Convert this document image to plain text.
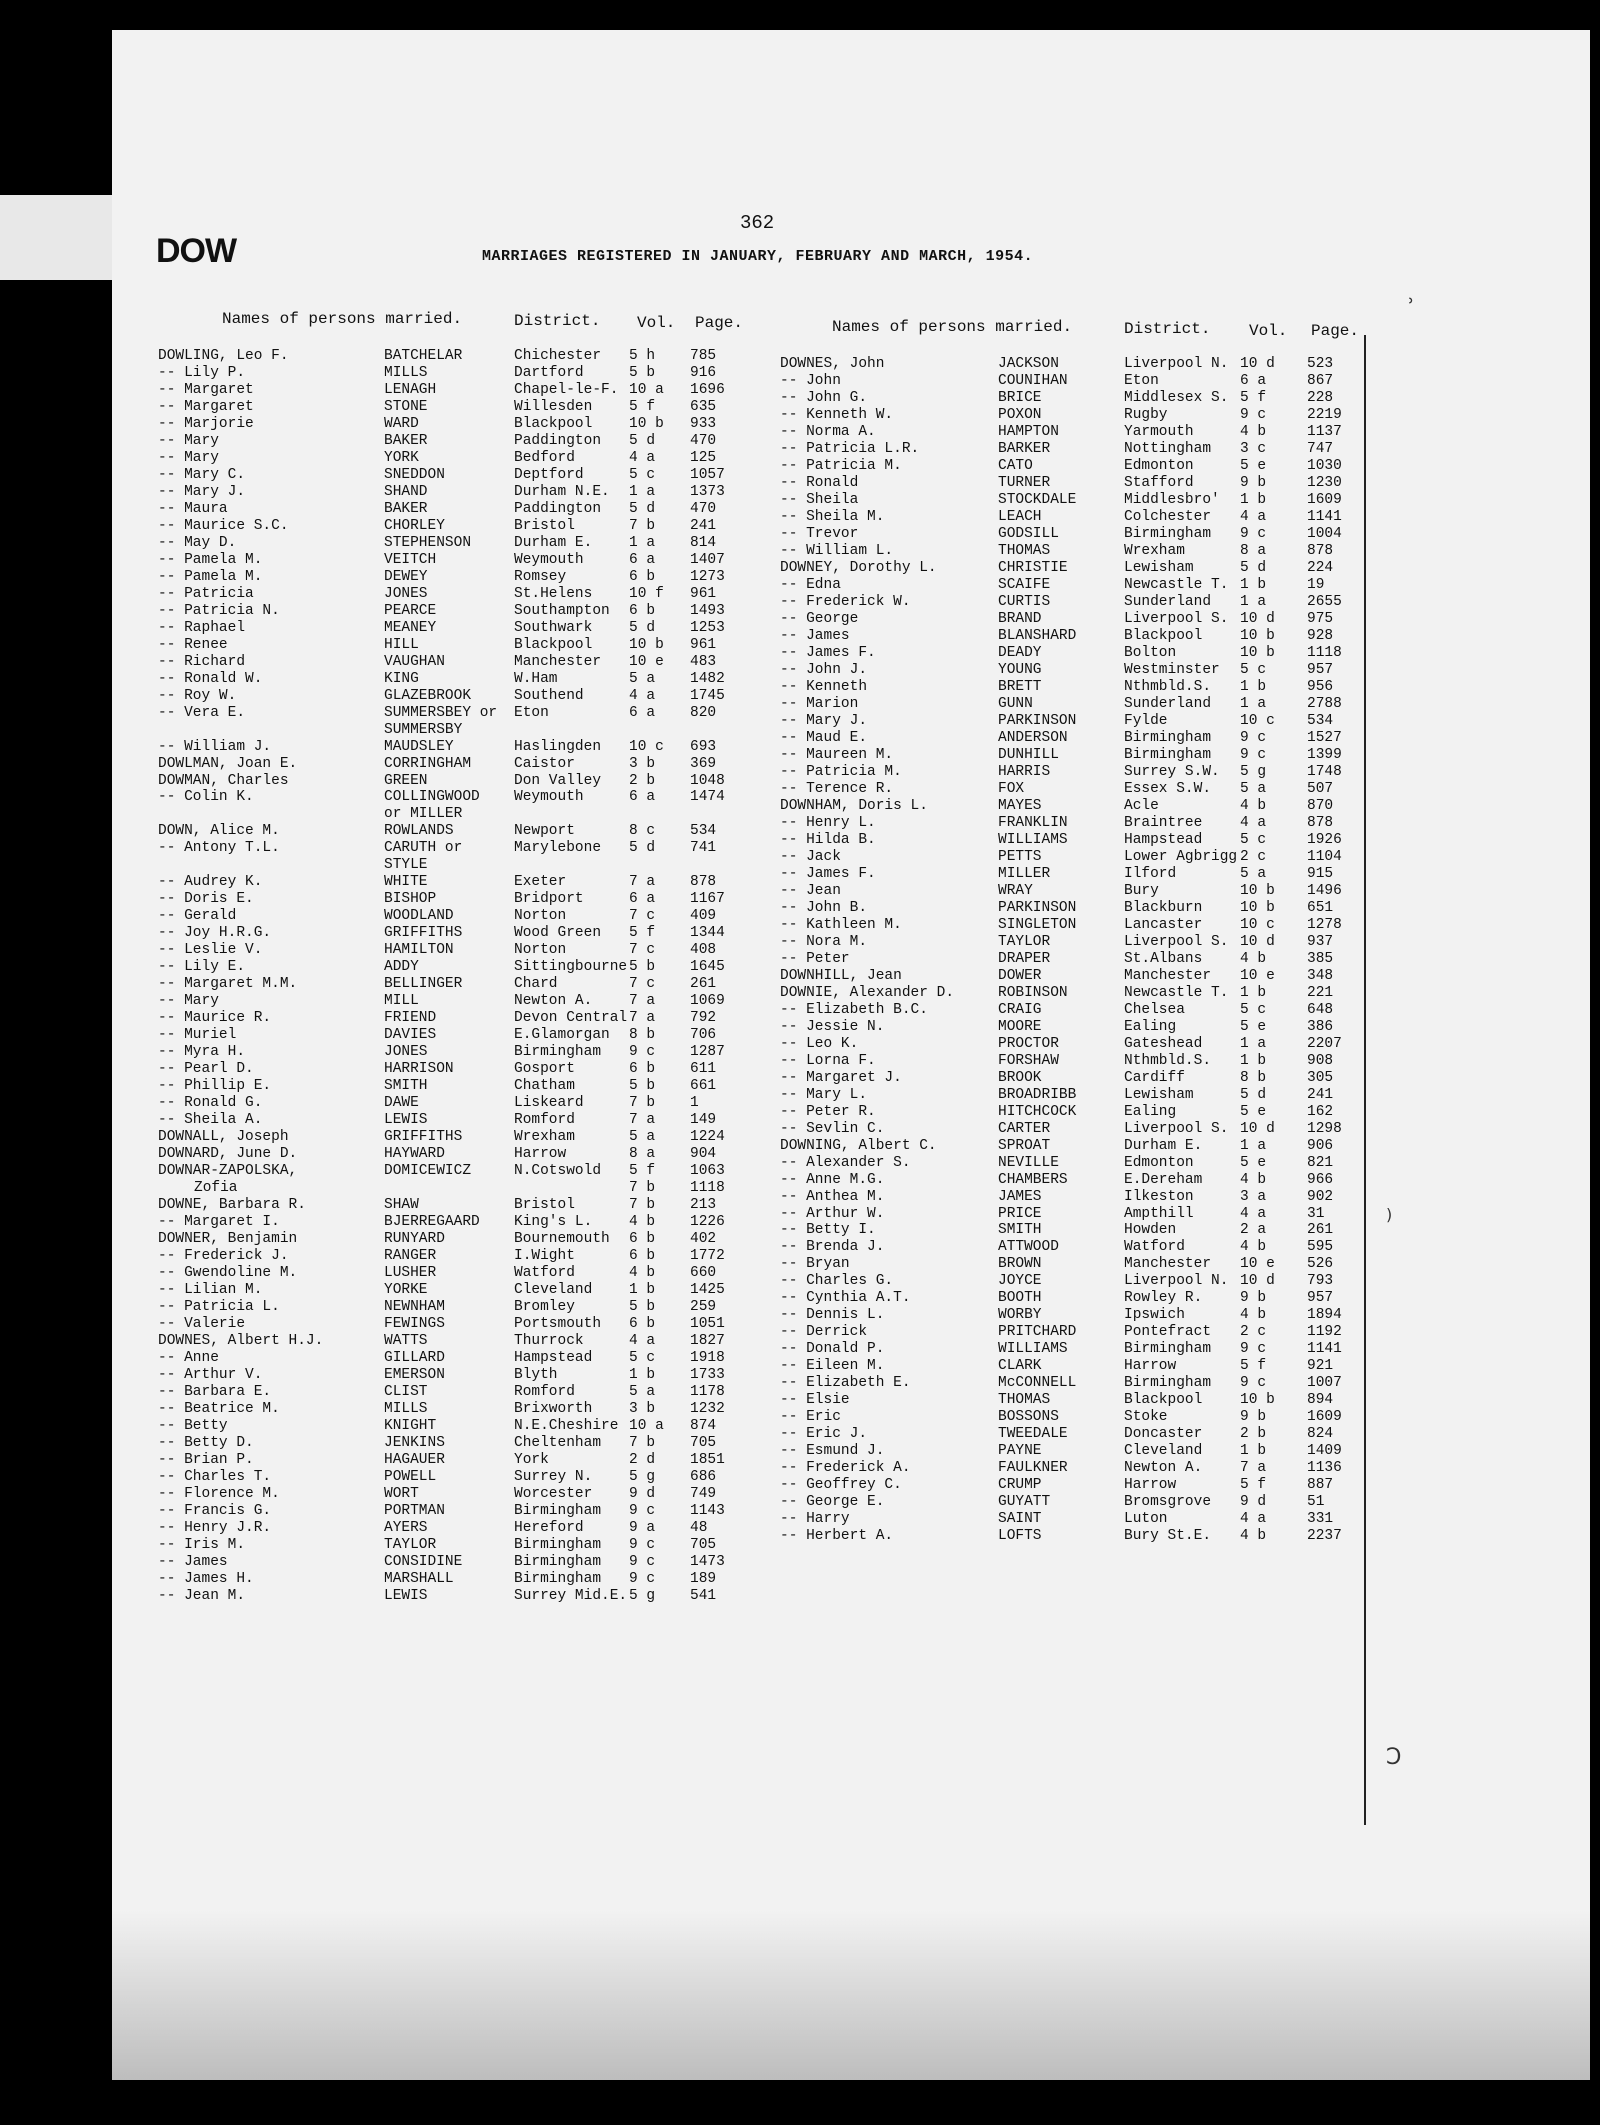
362
DOW	MARRIAGES REGISTERED IN JANUARY, FEBRUARY AND MARCH, 1954.
Names of persons married.	District. Vol. Page.	Names of persons married.	District. Vol. Page.
˒
)
Ↄ
DOWLING, Leo F.	BATCHELAR	Chichester 5 h 785
-- Lily P.	MILLS	Dartford	5 b 916
-- Margaret	LENAGH	Chapel-le-F. 10 a 1696
-- Margaret	STONE	Willesden	5 f 635
-- Marjorie	WARD	Blackpool	10 b 933
-- Mary	BAKER	Paddington 5 d 470
-- Mary	YORK	Bedford	4 a 125
-- Mary C.	SNEDDON	Deptford	5 c 1057
-- Mary J.	SHAND	Durham N.E. 1 a 1373
-- Maura	BAKER	Paddington 5 d 470
-- Maurice S.C.	CHORLEY	Bristol	7 b 241
-- May D.	STEPHENSON	Durham E.	1 a 814
-- Pamela M.	VEITCH	Weymouth	6 a 1407
-- Pamela M.	DEWEY	Romsey	6 b 1273
-- Patricia	JONES	St.Helens	10 f 961
-- Patricia N.	PEARCE	Southampton 6 b 1493
-- Raphael	MEANEY	Southwark	5 d 1253
-- Renee	HILL	Blackpool	10 b 961
-- Richard	VAUGHAN	Manchester 10 e 483
-- Ronald W.	KING	W.Ham	5 a 1482
-- Roy W.	GLAZEBROOK	Southend	4 a 1745
-- Vera E.	SUMMERSBEY or Eton	6 a 820
SUMMERSBY
-- William J.	MAUDSLEY	Haslingden 10 c 693
DOWLMAN, Joan E.	CORRINGHAM	Caistor	3 b 369
DOWMAN, Charles	GREEN	Don Valley 2 b 1048
-- Colin K.	COLLINGWOOD Weymouth	6 a 1474
or MILLER
DOWN, Alice M.	ROWLANDS	Newport	8 c 534
-- Antony T.L.	CARUTH or	Marylebone 5 d 741
STYLE
-- Audrey K.	WHITE	Exeter	7 a 878
-- Doris E.	BISHOP	Bridport	6 a 1167
-- Gerald	WOODLAND	Norton	7 c 409
-- Joy H.R.G.	GRIFFITHS	Wood Green 5 f 1344
-- Leslie V.	HAMILTON	Norton	7 c 408
-- Lily E.	ADDY	Sittingbourne 5 b 1645
-- Margaret M.M.	BELLINGER	Chard	7 c 261
-- Mary	MILL	Newton A.	7 a 1069
-- Maurice R.	FRIEND	Devon Central 7 a 792
-- Muriel	DAVIES	E.Glamorgan 8 b 706
-- Myra H.	JONES	Birmingham 9 c 1287
-- Pearl D.	HARRISON	Gosport	6 b 611
-- Phillip E.	SMITH	Chatham	5 b 661
-- Ronald G.	DAWE	Liskeard	7 b 1
-- Sheila A.	LEWIS	Romford	7 a 149
DOWNALL, Joseph	GRIFFITHS	Wrexham	5 a 1224
DOWNARD, June D.	HAYWARD	Harrow	8 a 904
DOWNAR-ZAPOLSKA,	DOMICEWICZ	N.Cotswold 5 f 1063
Zofia	7 b 1118
DOWNE, Barbara R.	SHAW	Bristol	7 b 213
-- Margaret I.	BJERREGAARD King's L.	4 b 1226
DOWNER, Benjamin	RUNYARD	Bournemouth 6 b 402
-- Frederick J.	RANGER	I.Wight	6 b 1772
-- Gwendoline M.	LUSHER	Watford	4 b 660
-- Lilian M.	YORKE	Cleveland	1 b 1425
-- Patricia L.	NEWNHAM	Bromley	5 b 259
-- Valerie	FEWINGS	Portsmouth 6 b 1051
DOWNES, Albert H.J.	WATTS	Thurrock	4 a 1827
-- Anne	GILLARD	Hampstead	5 c 1918
-- Arthur V.	EMERSON	Blyth	1 b 1733
-- Barbara E.	CLIST	Romford	5 a 1178
-- Beatrice M.	MILLS	Brixworth	3 b 1232
-- Betty	KNIGHT	N.E.Cheshire 10 a 874
-- Betty D.	JENKINS	Cheltenham 7 b 705
-- Brian P.	HAGAUER	York	2 d 1851
-- Charles T.	POWELL	Surrey N.	5 g 686
-- Florence M.	WORT	Worcester	9 d 749
-- Francis G.	PORTMAN	Birmingham 9 c 1143
-- Henry J.R.	AYERS	Hereford	9 a 48
-- Iris M.	TAYLOR	Birmingham 9 c 705
-- James	CONSIDINE	Birmingham 9 c 1473
-- James H.	MARSHALL	Birmingham 9 c 189
-- Jean M.	LEWIS	Surrey Mid.E. 5 g 541
DOWNES, John	JACKSON	Liverpool N. 10 d 523
-- John	COUNIHAN	Eton	6 a	867
-- John G.	BRICE	Middlesex S. 5 f	228
-- Kenneth W.	POXON	Rugby	9 c	2219
-- Norma A.	HAMPTON	Yarmouth	4 b	1137
-- Patricia L.R.	BARKER	Nottingham 3 c	747
-- Patricia M.	CATO	Edmonton	5 e	1030
-- Ronald	TURNER	Stafford	9 b	1230
-- Sheila	STOCKDALE	Middlesbro' 1 b	1609
-- Sheila M.	LEACH	Colchester 4 a	1141
-- Trevor	GODSILL	Birmingham 9 c	1004
-- William L.	THOMAS	Wrexham	8 a	878
DOWNEY, Dorothy L.	CHRISTIE	Lewisham	5 d	224
-- Edna	SCAIFE	Newcastle T. 1 b	19
-- Frederick W.	CURTIS	Sunderland 1 a	2655
-- George	BRAND	Liverpool S. 10 d 975
-- James	BLANSHARD	Blackpool	10 b 928
-- James F.	DEADY	Bolton	10 b 1118
-- John J.	YOUNG	Westminster 5 c	957
-- Kenneth	BRETT	Nthmbld.S. 1 b	956
-- Marion	GUNN	Sunderland 1 a	2788
-- Mary J.	PARKINSON	Fylde	10 c 534
-- Maud E.	ANDERSON	Birmingham 9 c	1527
-- Maureen M.	DUNHILL	Birmingham 9 c	1399
-- Patricia M.	HARRIS	Surrey S.W. 5 g	1748
-- Terence R.	FOX	Essex S.W. 5 a	507
DOWNHAM, Doris L.	MAYES	Acle	4 b	870
-- Henry L.	FRANKLIN	Braintree	4 a	878
-- Hilda B.	WILLIAMS	Hampstead	5 c	1926
-- Jack	PETTS	Lower Agbrigg 2 c	1104
-- James F.	MILLER	Ilford	5 a	915
-- Jean	WRAY	Bury	10 b 1496
-- John B.	PARKINSON	Blackburn	10 b 651
-- Kathleen M.	SINGLETON	Lancaster	10 c 1278
-- Nora M.	TAYLOR	Liverpool S. 10 d 937
-- Peter	DRAPER	St.Albans	4 b	385
DOWNHILL, Jean	DOWER	Manchester 10 e 348
DOWNIE, Alexander D.	ROBINSON	Newcastle T. 1 b	221
-- Elizabeth B.C.	CRAIG	Chelsea	5 c	648
-- Jessie N.	MOORE	Ealing	5 e	386
-- Leo K.	PROCTOR	Gateshead	1 a	2207
-- Lorna F.	FORSHAW	Nthmbld.S. 1 b	908
-- Margaret J.	BROOK	Cardiff	8 b	305
-- Mary L.	BROADRIBB	Lewisham	5 d	241
-- Peter R.	HITCHCOCK	Ealing	5 e	162
-- Sevlin C.	CARTER	Liverpool S. 10 d 1298
DOWNING, Albert C.	SPROAT	Durham E.	1 a	906
-- Alexander S.	NEVILLE	Edmonton	5 e	821
-- Anne M.G.	CHAMBERS	E.Dereham	4 b	966
-- Anthea M.	JAMES	Ilkeston	3 a	902
-- Arthur W.	PRICE	Ampthill	4 a	31
-- Betty I.	SMITH	Howden	2 a	261
-- Brenda J.	ATTWOOD	Watford	4 b	595
-- Bryan	BROWN	Manchester 10 e 526
-- Charles G.	JOYCE	Liverpool N. 10 d 793
-- Cynthia A.T.	BOOTH	Rowley R.	9 b	957
-- Dennis L.	WORBY	Ipswich	4 b	1894
-- Derrick	PRITCHARD	Pontefract 2 c	1192
-- Donald P.	WILLIAMS	Birmingham 9 c	1141
-- Eileen M.	CLARK	Harrow	5 f	921
-- Elizabeth E.	McCONNELL	Birmingham 9 c	1007
-- Elsie	THOMAS	Blackpool	10 b 894
-- Eric	BOSSONS	Stoke	9 b	1609
-- Eric J.	TWEEDALE	Doncaster	2 b	824
-- Esmund J.	PAYNE	Cleveland	1 b	1409
-- Frederick A.	FAULKNER	Newton A.	7 a	1136
-- Geoffrey C.	CRUMP	Harrow	5 f	887
-- George E.	GUYATT	Bromsgrove 9 d	51
-- Harry	SAINT	Luton	4 a	331
-- Herbert A.	LOFTS	Bury St.E. 4 b	2237
